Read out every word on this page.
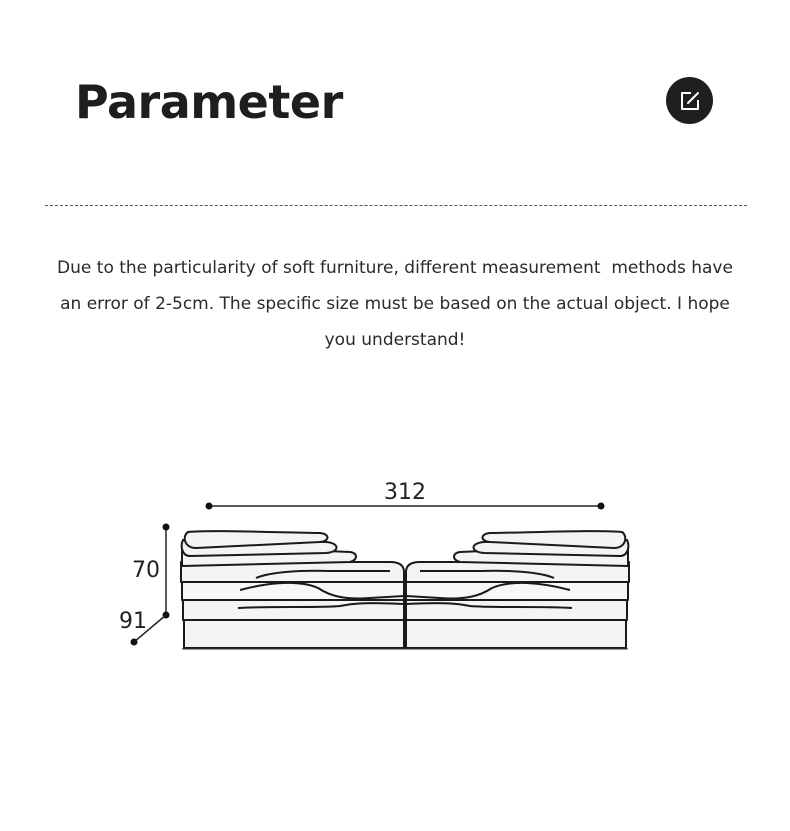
Parameter

Due to the particularity of soft furniture, different measurement  methods have an error of 2-5cm. The specific size must be based on the actual object. I hope you understand!

312
70
91
